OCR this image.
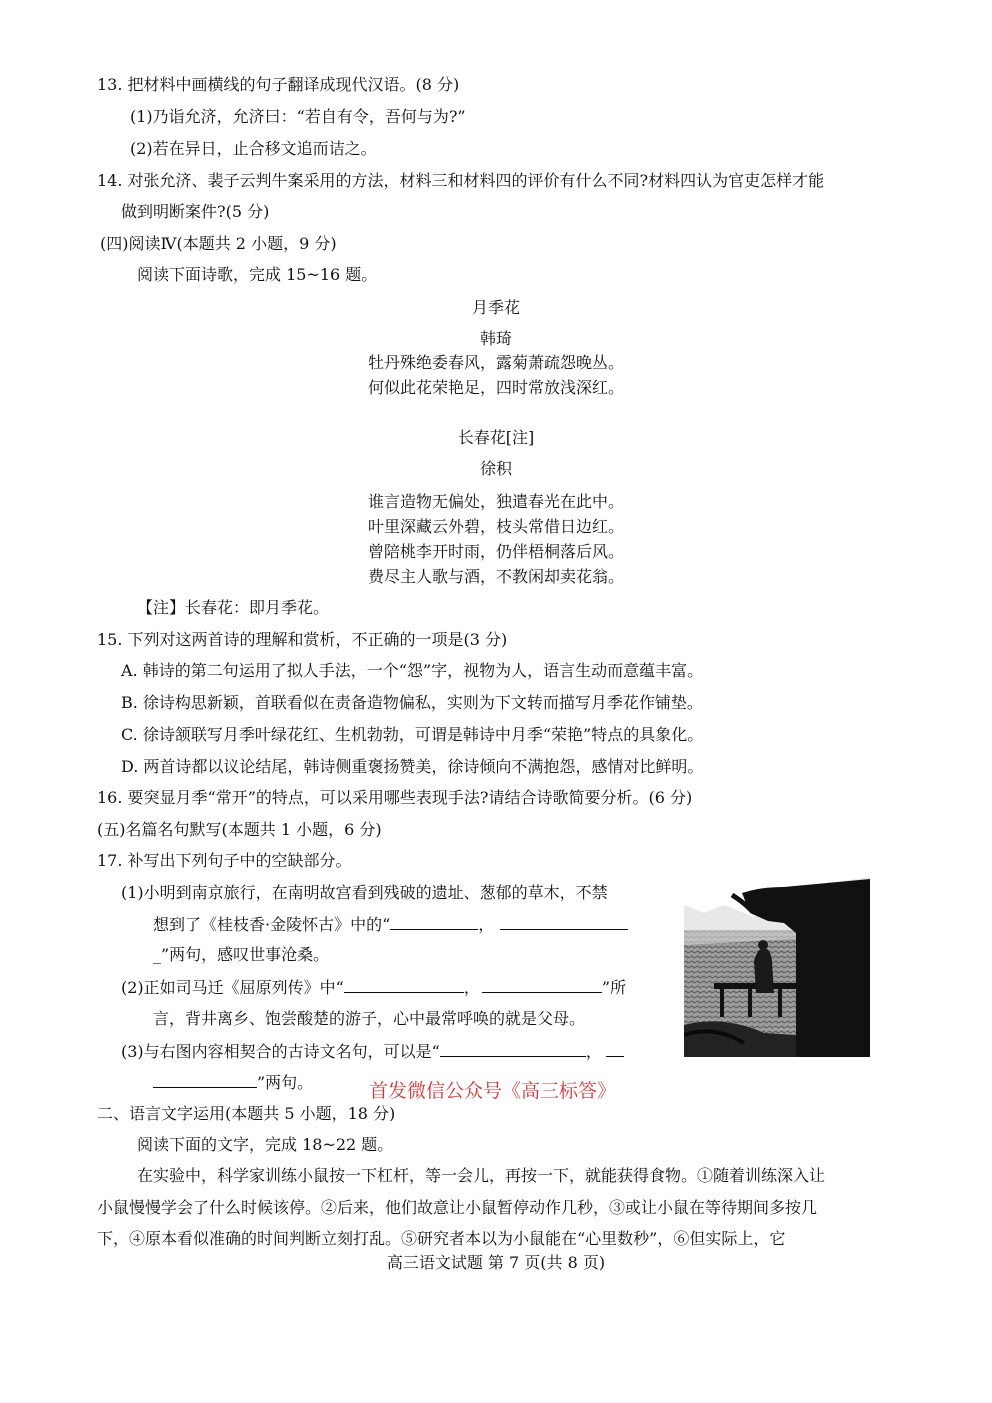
13. 把材料中画横线的句子翻译成现代汉语。(8 分)
(1)乃诣允济，允济曰：“若自有令，吾何与为?”
(2)若在异日，止合移文追而诘之。
14. 对张允济、裴子云判牛案采用的方法，材料三和材料四的评价有什么不同?材料四认为官吏怎样才能
做到明断案件?(5 分)
(四)阅读Ⅳ(本题共 2 小题，9 分)
阅读下面诗歌，完成 15~16 题。
月季花
韩琦
牡丹殊绝委春风，露菊萧疏怨晚丛。
何似此花荣艳足，四时常放浅深红。
长春花[注]
徐积
谁言造物无偏处，独遣春光在此中。
叶里深藏云外碧，枝头常借日边红。
曾陪桃李开时雨，仍伴梧桐落后风。
费尽主人歌与酒，不教闲却卖花翁。
【注】长春花：即月季花。
15. 下列对这两首诗的理解和赏析，不正确的一项是(3 分)
A. 韩诗的第二句运用了拟人手法，一个“怨”字，视物为人，语言生动而意蕴丰富。
B. 徐诗构思新颖，首联看似在责备造物偏私，实则为下文转而描写月季花作铺垫。
C. 徐诗颔联写月季叶绿花红、生机勃勃，可谓是韩诗中月季“荣艳”特点的具象化。
D. 两首诗都以议论结尾，韩诗侧重褒扬赞美，徐诗倾向不满抱怨，感情对比鲜明。
16. 要突显月季“常开”的特点，可以采用哪些表现手法?请结合诗歌简要分析。(6 分)
(五)名篇名句默写(本题共 1 小题，6 分)
17. 补写出下列句子中的空缺部分。
(1)小明到南京旅行，在南明故宫看到残破的遗址、葱郁的草木，不禁
想到了《桂枝香·金陵怀古》中的“	，
_”两句，感叹世事沧桑。
(2)正如司马迁《屈原列传》中“	，	”所
言，背井离乡、饱尝酸楚的游子，心中最常呼唤的就是父母。
(3)与右图内容相契合的古诗文名句，可以是“	，
”两句。	首发微信公众号《高三标答》
二、语言文字运用(本题共 5 小题，18 分)
阅读下面的文字，完成 18~22 题。
在实验中，科学家训练小鼠按一下杠杆，等一会儿，再按一下，就能获得食物。①随着训练深入让
小鼠慢慢学会了什么时候该停。②后来，他们故意让小鼠暂停动作几秒，③或让小鼠在等待期间多按几
下，④原本看似准确的时间判断立刻打乱。⑤研究者本以为小鼠能在“心里数秒”，⑥但实际上，它
高三语文试题 第 7 页(共 8 页)
